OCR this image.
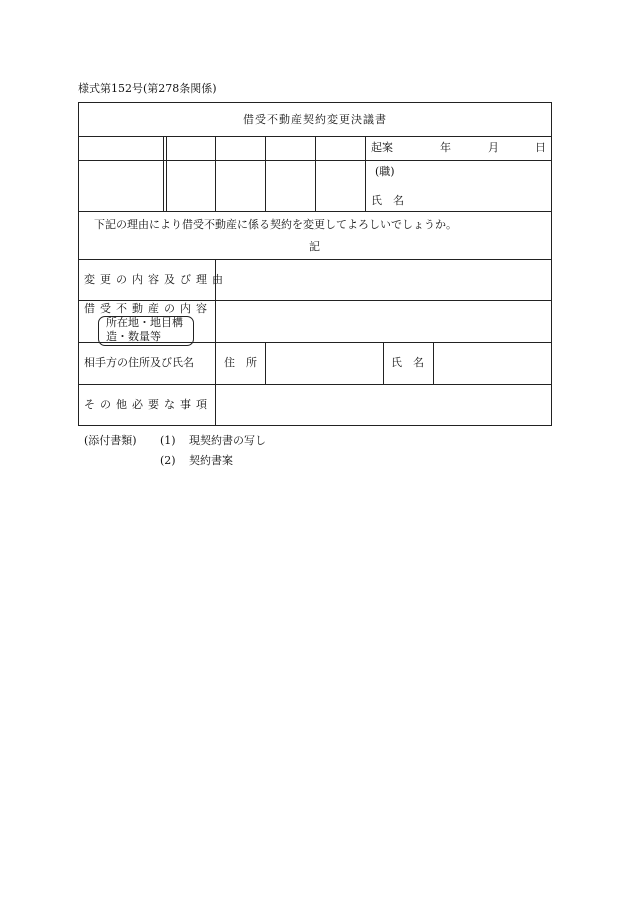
様式第152号(第278条関係)
借受不動産契約変更決議書
起案	年	月	日
(職)
氏　名
下記の理由により借受不動産に係る契約を変更してよろしいでしょうか。
記
変更の内容及び理由
借受不動産の内容
所在地・地目構
造・数量等
相手方の住所及び氏名	住　所	氏　名
その他必要な事項
(添付書類) (1) 現契約書の写し
(2) 契約書案
